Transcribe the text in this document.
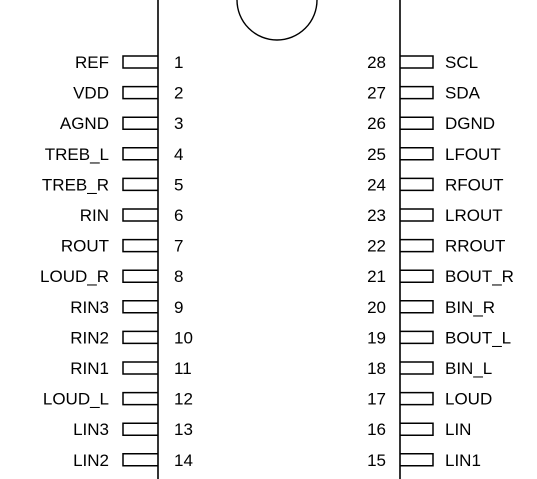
REF	1
VDD	2
AGND	3
TREB_L	4
TREB_R	5
RIN	6
ROUT	7
LOUD_R	8
RIN3	9
RIN2	10
RIN1	11
LOUD_L	12
LIN3	13
LIN2	14
28	SCL
27	SDA
26	DGND
25	LFOUT
24	RFOUT
23	LROUT
22	RROUT
21	BOUT_R
20	BIN_R
19	BOUT_L
18	BIN_L
17	LOUD
16	LIN
15	LIN1
